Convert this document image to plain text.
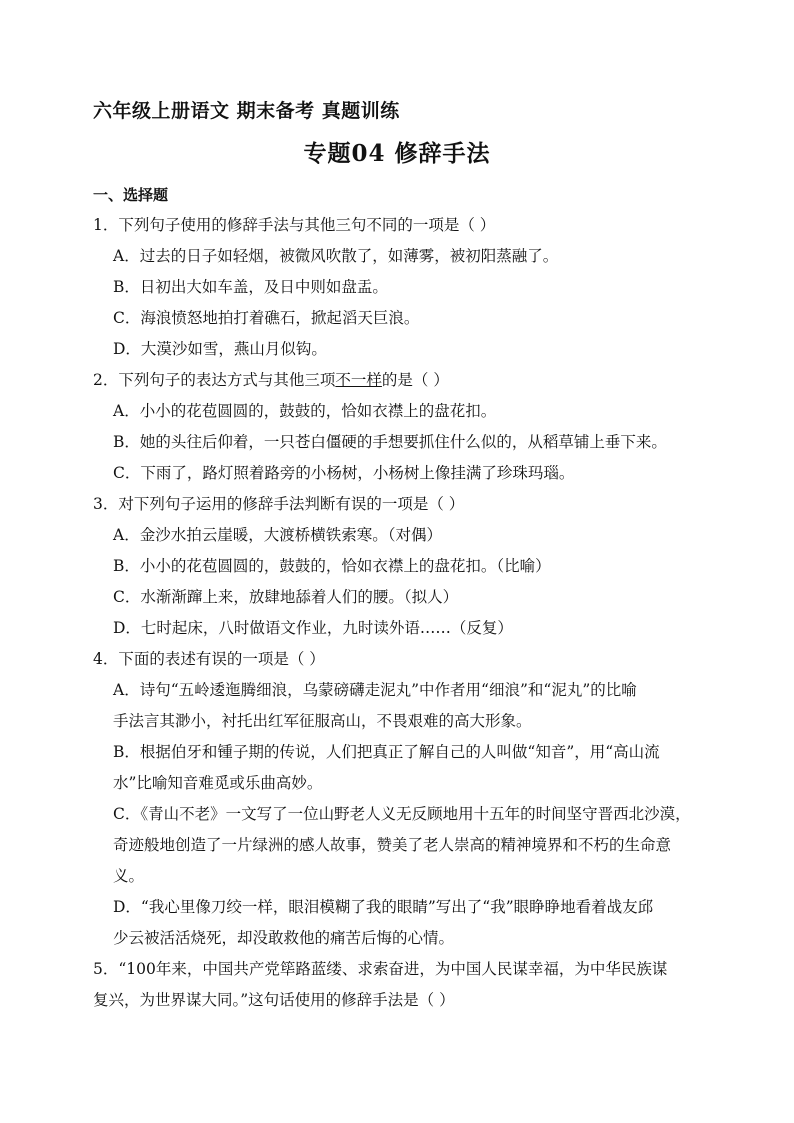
六年级上册语文 期末备考 真题训练
专题04 修辞手法
一、选择题
1．下列句子使用的修辞手法与其他三句不同的一项是（ ）
A．过去的日子如轻烟，被微风吹散了，如薄雾，被初阳蒸融了。
B．日初出大如车盖，及日中则如盘盂。
C．海浪愤怒地拍打着礁石，掀起滔天巨浪。
D．大漠沙如雪，燕山月似钩。
2．下列句子的表达方式与其他三项不一样的是（ ）
A．小小的花苞圆圆的，鼓鼓的，恰如衣襟上的盘花扣。
B．她的头往后仰着，一只苍白僵硬的手想要抓住什么似的，从稻草铺上垂下来。
C．下雨了，路灯照着路旁的小杨树，小杨树上像挂满了珍珠玛瑙。
3．对下列句子运用的修辞手法判断有误的一项是（ ）
A．金沙水拍云崖暖，大渡桥横铁索寒。（对偶）
B．小小的花苞圆圆的，鼓鼓的，恰如衣襟上的盘花扣。（比喻）
C．水渐渐蹿上来，放肆地舔着人们的腰。（拟人）
D．七时起床，八时做语文作业，九时读外语……（反复）
4．下面的表述有误的一项是（ ）
A．诗句“五岭逶迤腾细浪，乌蒙磅礴走泥丸”中作者用“细浪”和“泥丸”的比喻
手法言其渺小，衬托出红军征服高山，不畏艰难的高大形象。
B．根据伯牙和锺子期的传说，人们把真正了解自己的人叫做“知音”，用“高山流
水”比喻知音难觅或乐曲高妙。
C．《青山不老》一文写了一位山野老人义无反顾地用十五年的时间坚守晋西北沙漠，
奇迹般地创造了一片绿洲的感人故事，赞美了老人崇高的精神境界和不朽的生命意
义。
D．“我心里像刀绞一样，眼泪模糊了我的眼睛”写出了“我”眼睁睁地看着战友邱
少云被活活烧死，却没敢救他的痛苦后悔的心情。
5．“100年来，中国共产党筚路蓝缕、求索奋进，为中国人民谋幸福，为中华民族谋
复兴，为世界谋大同。”这句话使用的修辞手法是（ ）
